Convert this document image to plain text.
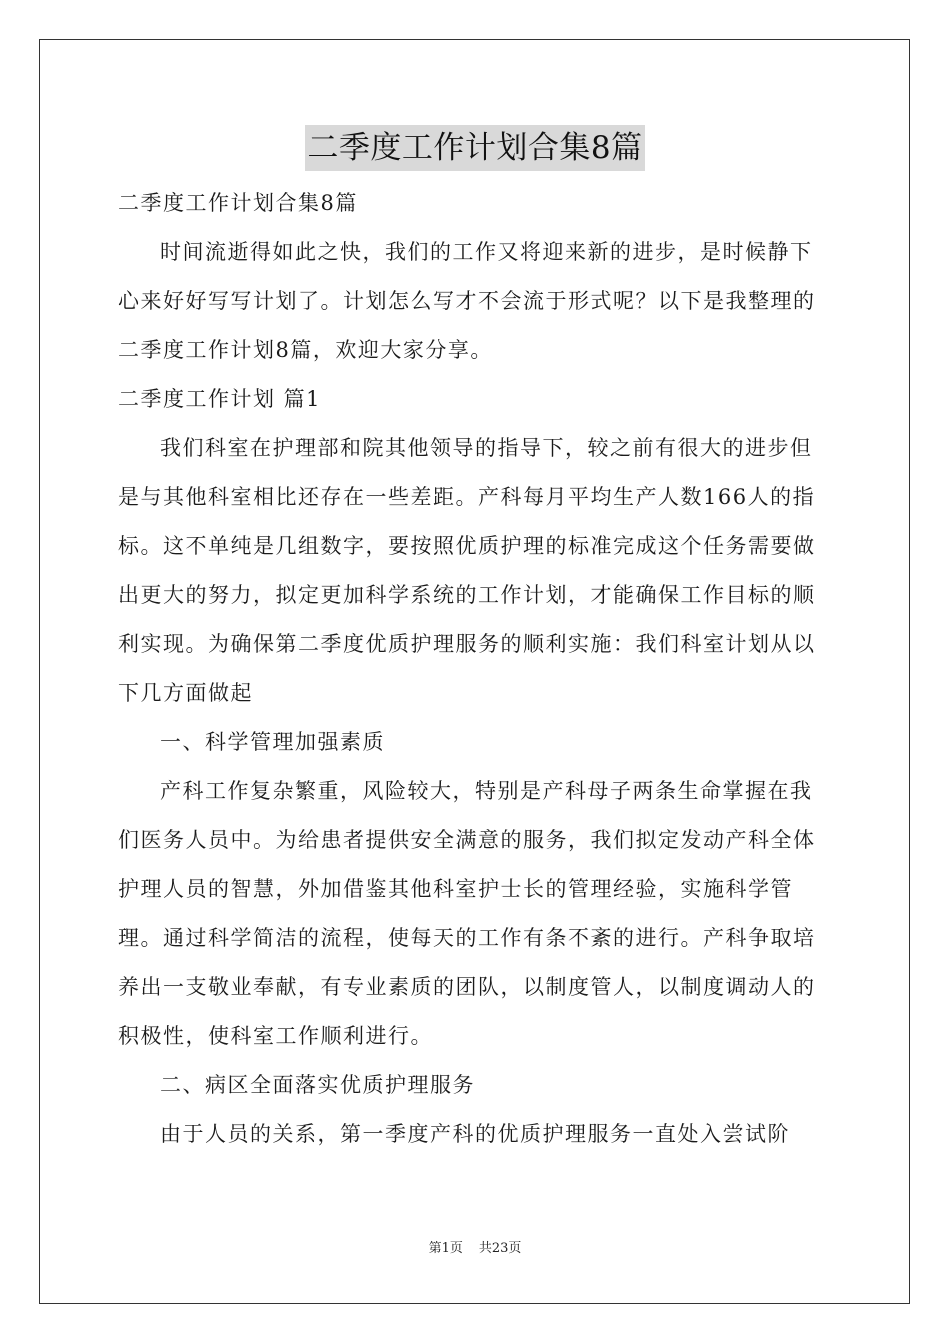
二季度工作计划合集8篇

二季度工作计划合集8篇

时间流逝得如此之快，我们的工作又将迎来新的进步，是时候静下心来好好写写计划了。计划怎么写才不会流于形式呢？以下是我整理的二季度工作计划8篇，欢迎大家分享。

二季度工作计划 篇1

我们科室在护理部和院其他领导的指导下，较之前有很大的进步但是与其他科室相比还存在一些差距。产科每月平均生产人数166人的指标。这不单纯是几组数字，要按照优质护理的标准完成这个任务需要做出更大的努力，拟定更加科学系统的工作计划，才能确保工作目标的顺利实现。为确保第二季度优质护理服务的顺利实施：我们科室计划从以下几方面做起

一、科学管理加强素质

产科工作复杂繁重，风险较大，特别是产科母子两条生命掌握在我们医务人员中。为给患者提供安全满意的服务，我们拟定发动产科全体护理人员的智慧，外加借鉴其他科室护士长的管理经验，实施科学管理。通过科学简洁的流程，使每天的工作有条不紊的进行。产科争取培养出一支敬业奉献，有专业素质的团队，以制度管人，以制度调动人的积极性，使科室工作顺利进行。

二、病区全面落实优质护理服务

由于人员的关系，第一季度产科的优质护理服务一直处入尝试阶

第1页 共23页
